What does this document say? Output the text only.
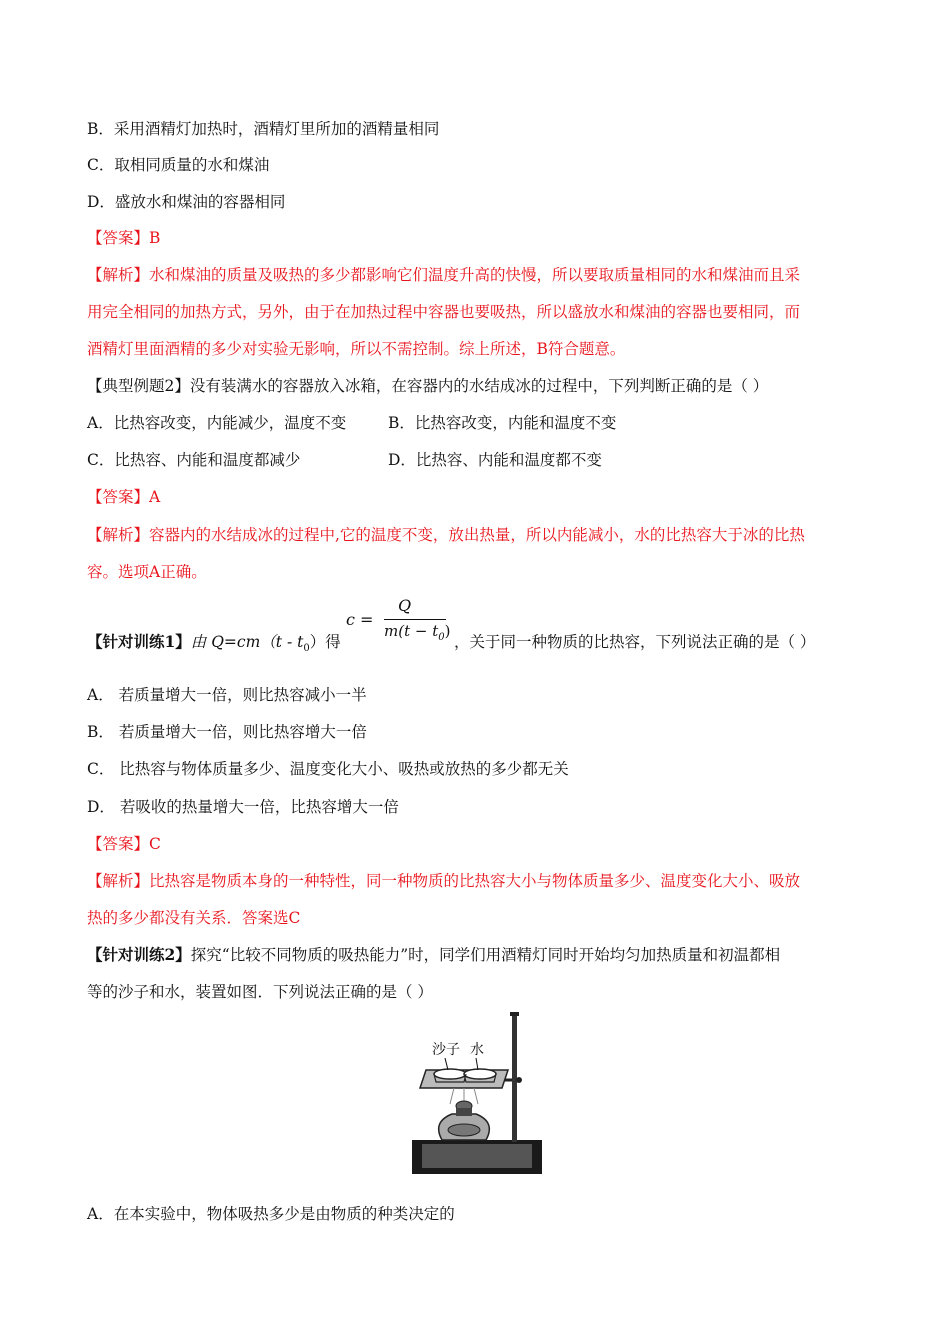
B．采用酒精灯加热时，酒精灯里所加的酒精量相同
C．取相同质量的水和煤油
D．盛放水和煤油的容器相同
【答案】B
【解析】水和煤油的质量及吸热的多少都影响它们温度升高的快慢，所以要取质量相同的水和煤油而且采
用完全相同的加热方式，另外，由于在加热过程中容器也要吸热，所以盛放水和煤油的容器也要相同，而
酒精灯里面酒精的多少对实验无影响，所以不需控制。综上所述，B符合题意。
【典型例题2】没有装满水的容器放入冰箱，在容器内的水结成冰的过程中，下列判断正确的是（ ）
A．比热容改变，内能减少，温度不变	B．比热容改变，内能和温度不变
C．比热容、内能和温度都减少	D．比热容、内能和温度都不变
【答案】A
【解析】容器内的水结成冰的过程中,它的温度不变，放出热量，所以内能减小，水的比热容大于冰的比热
容。选项A正确。
c =
Q
$m(t - t_0)$
【针对训练1】由 $Q=cm(t - t_0)$得	，关于同一种物质的比热容，下列说法正确的是（ ）
A． 若质量增大一倍，则比热容减小一半
B． 若质量增大一倍，则比热容增大一倍
C． 比热容与物体质量多少、温度变化大小、吸热或放热的多少都无关
D． 若吸收的热量增大一倍，比热容增大一倍
【答案】C
【解析】比热容是物质本身的一种特性，同一种物质的比热容大小与物体质量多少、温度变化大小、吸放
热的多少都没有关系．答案选C
【针对训练2】探究“比较不同物质的吸热能力”时，同学们用酒精灯同时开始均匀加热质量和初温都相
等的沙子和水，装置如图．下列说法正确的是（ ）
沙子 水
A．在本实验中，物体吸热多少是由物质的种类决定的
